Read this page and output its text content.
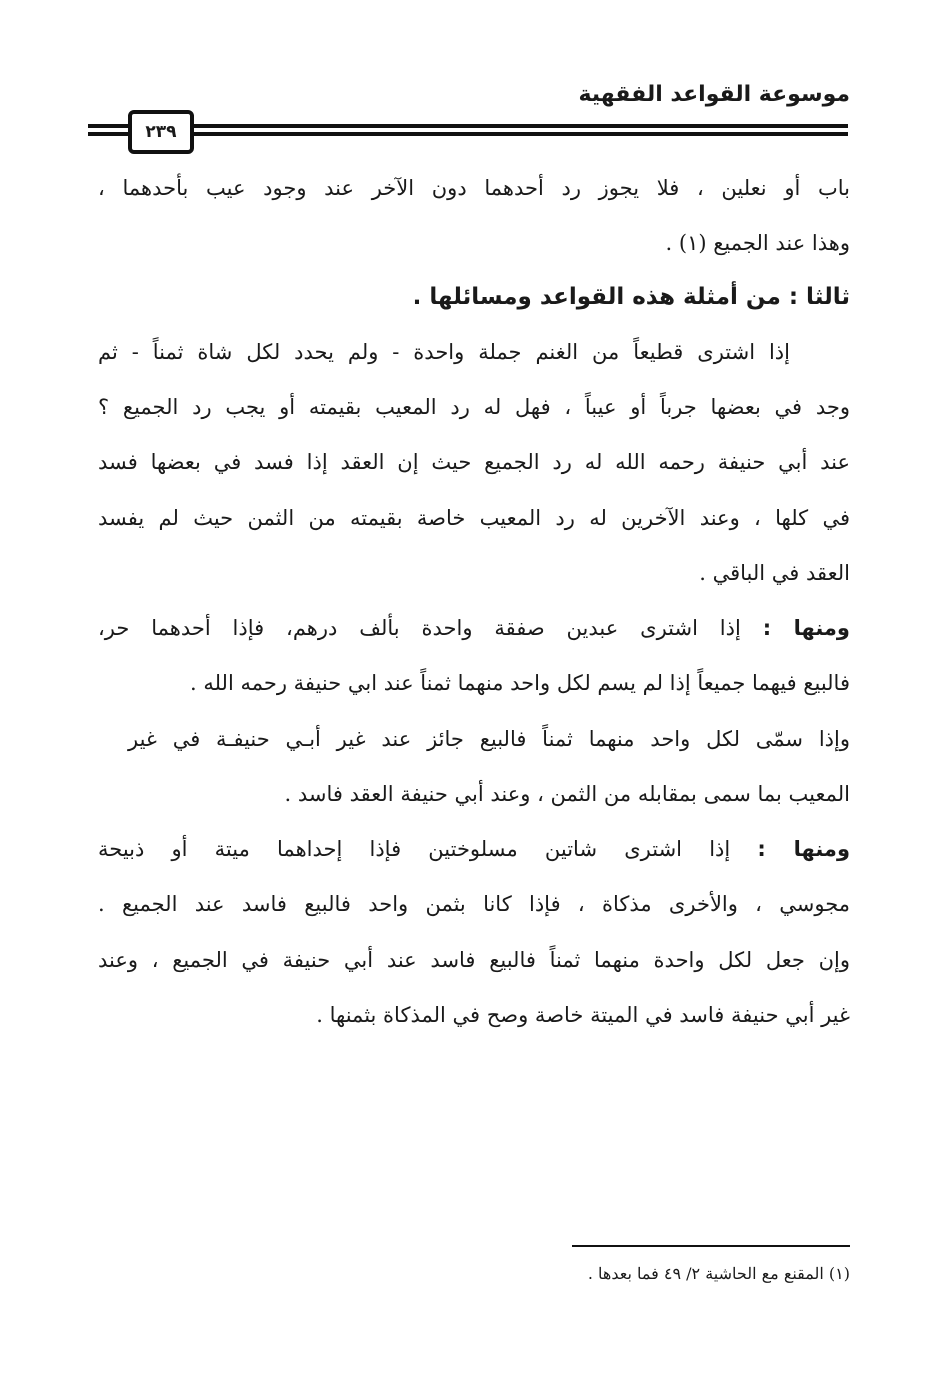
موسوعة القواعد الفقهية
٢٣٩
باب أو نعلين ، فلا يجوز رد أحدهما دون الآخر عند وجود عيب بأحدهما ،
وهذا عند الجميع (١) .
ثالثا : من أمثلة هذه القواعد ومسائلها .
إذا اشترى قطيعاً من الغنم جملة واحدة - ولم يحدد لكل شاة ثمناً - ثم
وجد في بعضها جرباً أو عيباً ، فهل له رد المعيب بقيمته أو يجب رد الجميع ؟
عند أبي حنيفة رحمه الله له رد الجميع حيث إن العقد إذا فسد في بعضها فسد
في كلها ، وعند الآخرين له رد المعيب خاصة بقيمته من الثمن حيث لم يفسد
العقد في الباقي .
ومنها : إذا اشترى عبدين صفقة واحدة بألف درهم، فإذا أحدهما حر،
فالبيع فيهما جميعاً إذا لم يسم لكل واحد منهما ثمناً عند ابي حنيفة رحمه الله .
وإذا سمّى لكل واحد منهما ثمناً فالبيع جائز عند غير أبـي حنيفـة في غير
المعيب بما سمى بمقابله من الثمن ، وعند أبي حنيفة العقد فاسد .
ومنها : إذا اشترى شاتين مسلوختين فإذا إحداهما ميتة أو ذبيحة
مجوسي ، والأخرى مذكاة ، فإذا كانا بثمن واحد فالبيع فاسد عند الجميع .
وإن جعل لكل واحدة منهما ثمناً فالبيع فاسد عند أبي حنيفة في الجميع ، وعند
غير أبي حنيفة فاسد في الميتة خاصة وصح في المذكاة بثمنها .
(١) المقنع مع الحاشية ٢/ ٤٩ فما بعدها .
